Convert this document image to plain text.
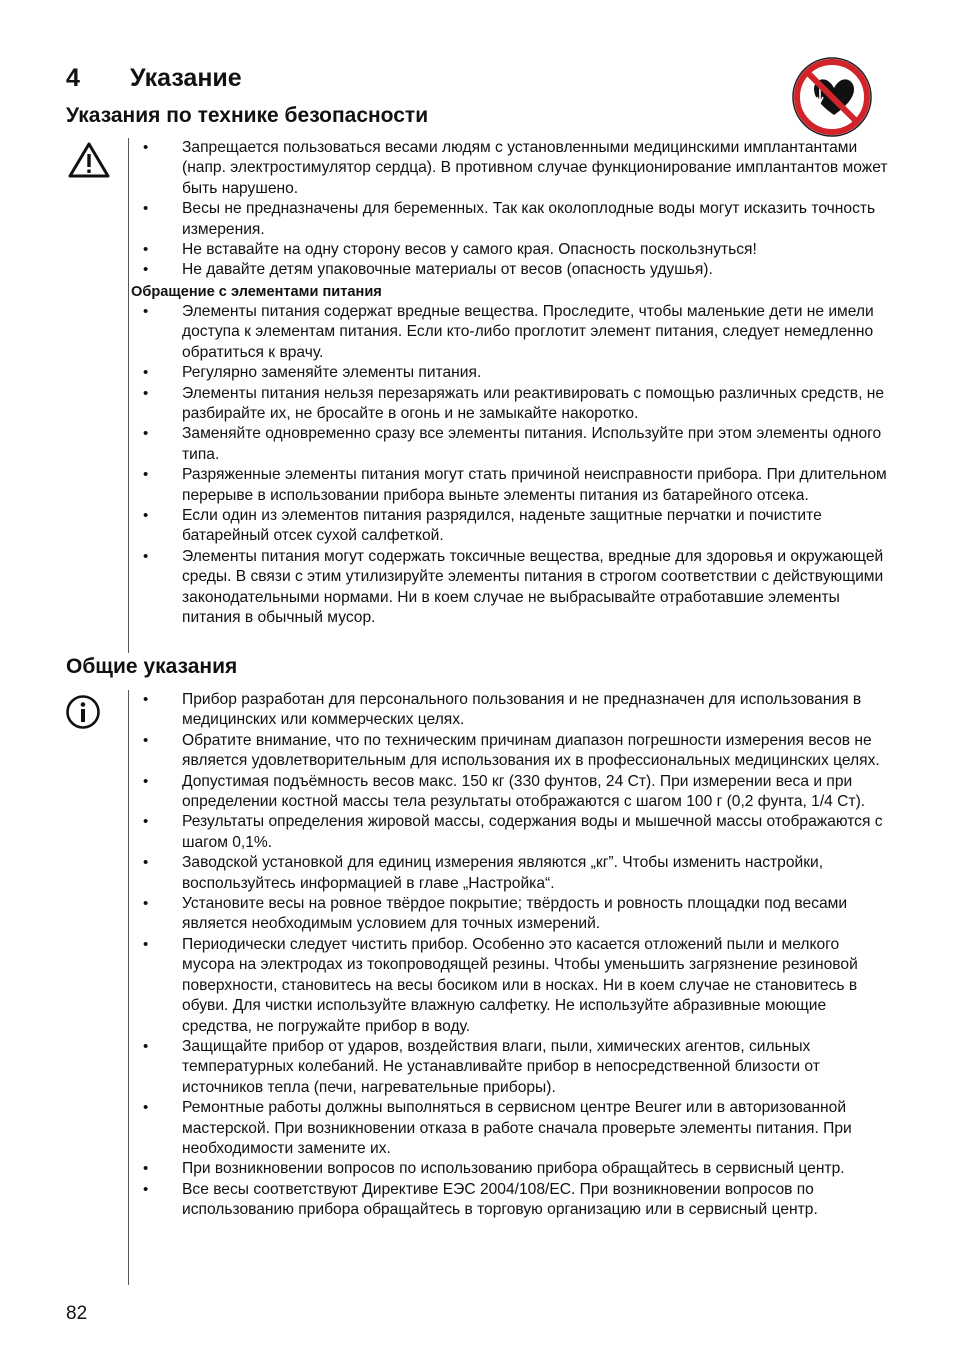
4 Указание
Указания по технике безопасности
• Запрещается пользоваться весами людям с установленными медицинскими имплантантами (напр. электростимулятор сердца). В противном случае функционирование имплантантов может быть нарушено.
• Весы не предназначены для беременных. Так как околоплодные воды могут исказить точность измерения.
• Не вставайте на одну сторону весов у самого края. Опасность поскользнуться!
• Не давайте детям упаковочные материалы от весов (опасность удушья).
Обращение с элементами питания
• Элементы питания содержат вредные вещества. Проследите, чтобы маленькие дети не имели доступа к элементам питания. Если кто-либо проглотит элемент питания, следует немедленно обратиться к врачу.
• Регулярно заменяйте элементы питания.
• Элементы питания нельзя перезаряжать или реактивировать с помощью различных средств, не разбирайте их, не бросайте в огонь и не замыкайте накоротко.
• Заменяйте одновременно сразу все элементы питания. Используйте при этом элементы одного типа.
• Разряженные элементы питания могут стать причиной неисправности прибора. При длительном перерыве в использовании прибора выньте элементы питания из батарейного отсека.
• Если один из элементов питания разрядился, наденьте защитные перчатки и почистите батарейный отсек сухой салфеткой.
• Элементы питания могут содержать токсичные вещества, вредные для здоровья и окружающей среды. В связи с этим утилизируйте элементы питания в строгом соответствии с действующими законодательными нормами. Ни в коем случае не выбрасывайте отработавшие элементы питания в обычный мусор.
Общие указания
• Прибор разработан для персонального пользования и не предназначен для использования в медицинских или коммерческих целях.
• Обратите внимание, что по техническим причинам диапазон погрешности измерения весов не является удовлетворительным для использования их в профессиональных медицинских целях.
• Допустимая подъёмность весов макс. 150 кг (330 фунтов, 24 Ст). При измерении веса и при определении костной массы тела результаты отображаются с шагом 100 г (0,2 фунта, 1/4 Ст).
• Результаты определения жировой массы, содержания воды и мышечной массы отображаются с шагом 0,1%.
• Заводской установкой для единиц измерения являются „кг”. Чтобы изменить настройки, воспользуйтесь информацией в главе „Настройка“.
• Установите весы на ровное твёрдое покрытие; твёрдость и ровность площадки под весами является необходимым условием для точных измерений.
• Периодически следует чистить прибор. Особенно это касается отложений пыли и мелкого мусора на электродах из токопроводящей резины. Чтобы уменьшить загрязнение резиновой поверхности, становитесь на весы босиком или в носках. Ни в коем случае не становитесь в обуви. Для чистки используйте влажную салфетку. Не используйте абразивные моющие средства, не погружайте прибор в воду.
• Защищайте прибор от ударов, воздействия влаги, пыли, химических агентов, сильных температурных колебаний. Не устанавливайте прибор в непосредственной близости от источников тепла (печи, нагревательные приборы).
• Ремонтные работы должны выполняться в сервисном центре Beurer или в авторизованной мастерской. При возникновении отказа в работе сначала проверьте элементы питания. При необходимости замените их.
• При возникновении вопросов по использованию прибора обращайтесь в сервисный центр.
• Все весы соответствуют Директиве ЕЭС 2004/108/ЕС. При возникновении вопросов по использованию прибора обращайтесь в торговую организацию или в сервисный центр.
82
